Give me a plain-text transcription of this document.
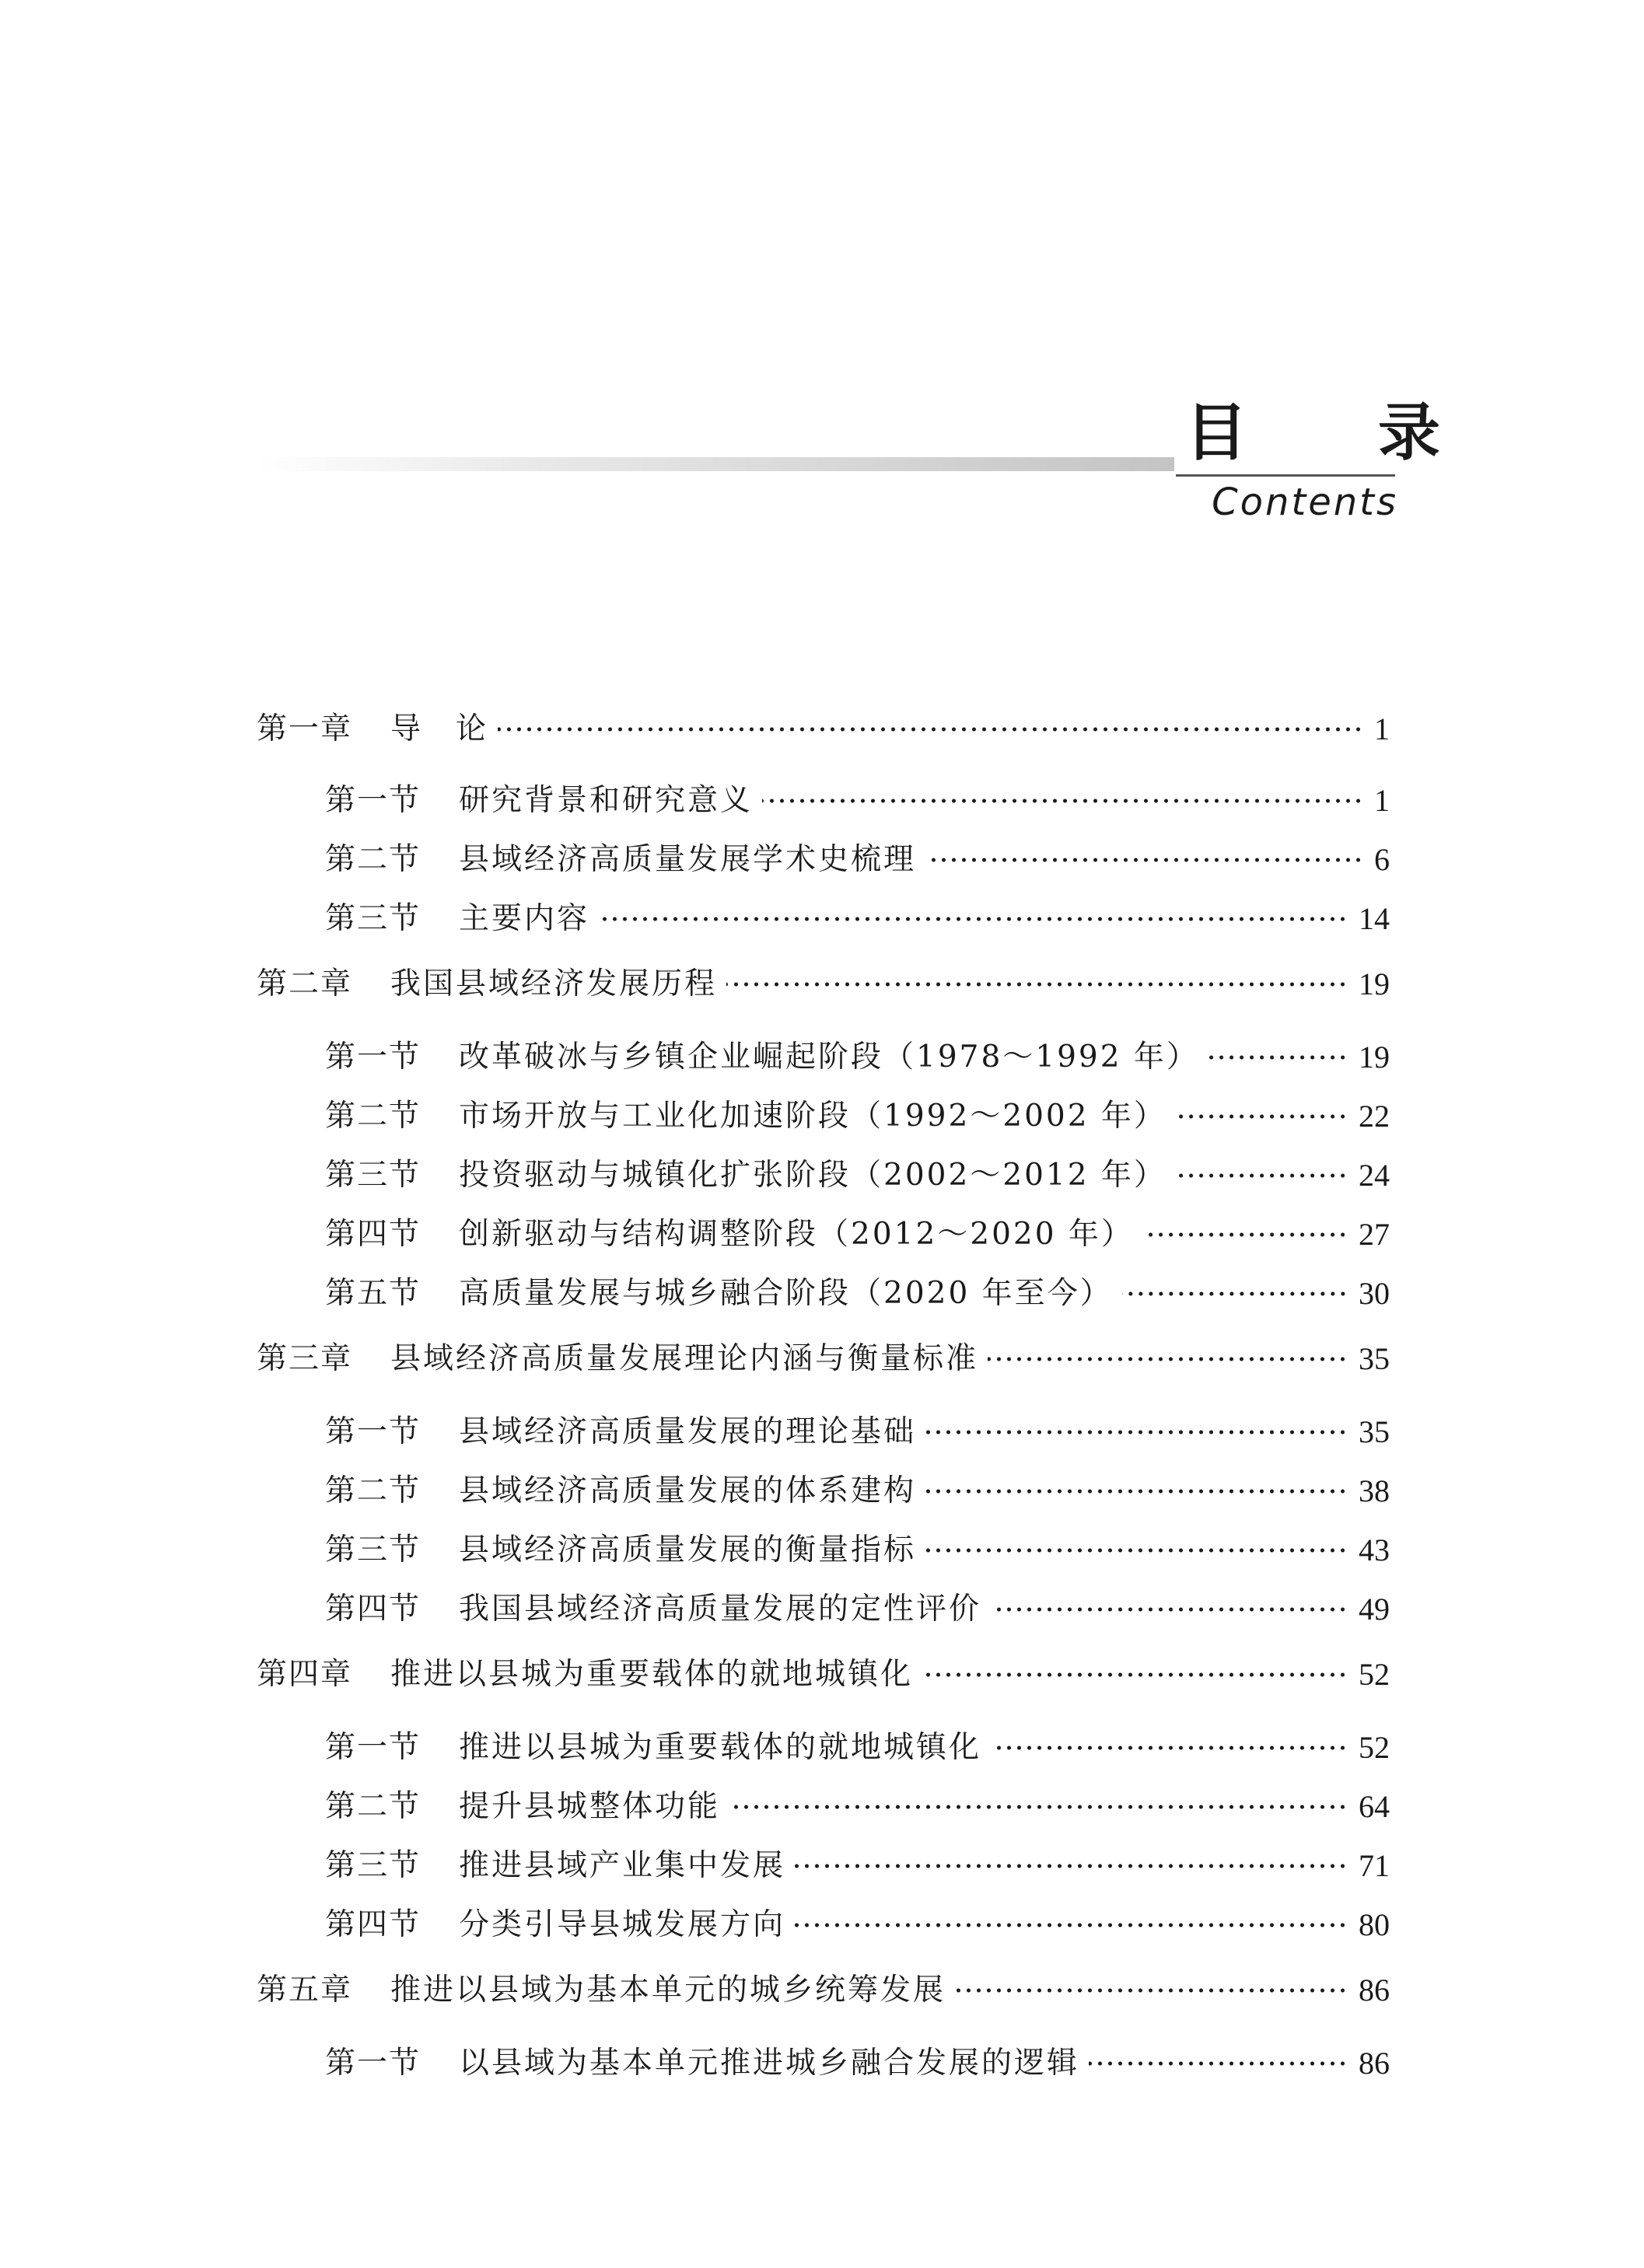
目 录
Contents
第一章	导　论	1
第一节	研究背景和研究意义	1
第二节	县域经济高质量发展学术史梳理	6
第三节	主要内容	14
第二章	我国县域经济发展历程	19
第一节	改革破冰与乡镇企业崛起阶段（1978～1992 年）	19
第二节	市场开放与工业化加速阶段（1992～2002 年）	22
第三节	投资驱动与城镇化扩张阶段（2002～2012 年）	24
第四节	创新驱动与结构调整阶段（2012～2020 年）	27
第五节	高质量发展与城乡融合阶段（2020 年至今）	30
第三章	县域经济高质量发展理论内涵与衡量标准	35
第一节	县域经济高质量发展的理论基础	35
第二节	县域经济高质量发展的体系建构	38
第三节	县域经济高质量发展的衡量指标	43
第四节	我国县域经济高质量发展的定性评价	49
第四章	推进以县城为重要载体的就地城镇化	52
第一节	推进以县城为重要载体的就地城镇化	52
第二节	提升县城整体功能	64
第三节	推进县域产业集中发展	71
第四节	分类引导县城发展方向	80
第五章	推进以县域为基本单元的城乡统筹发展	86
第一节	以县域为基本单元推进城乡融合发展的逻辑	86
